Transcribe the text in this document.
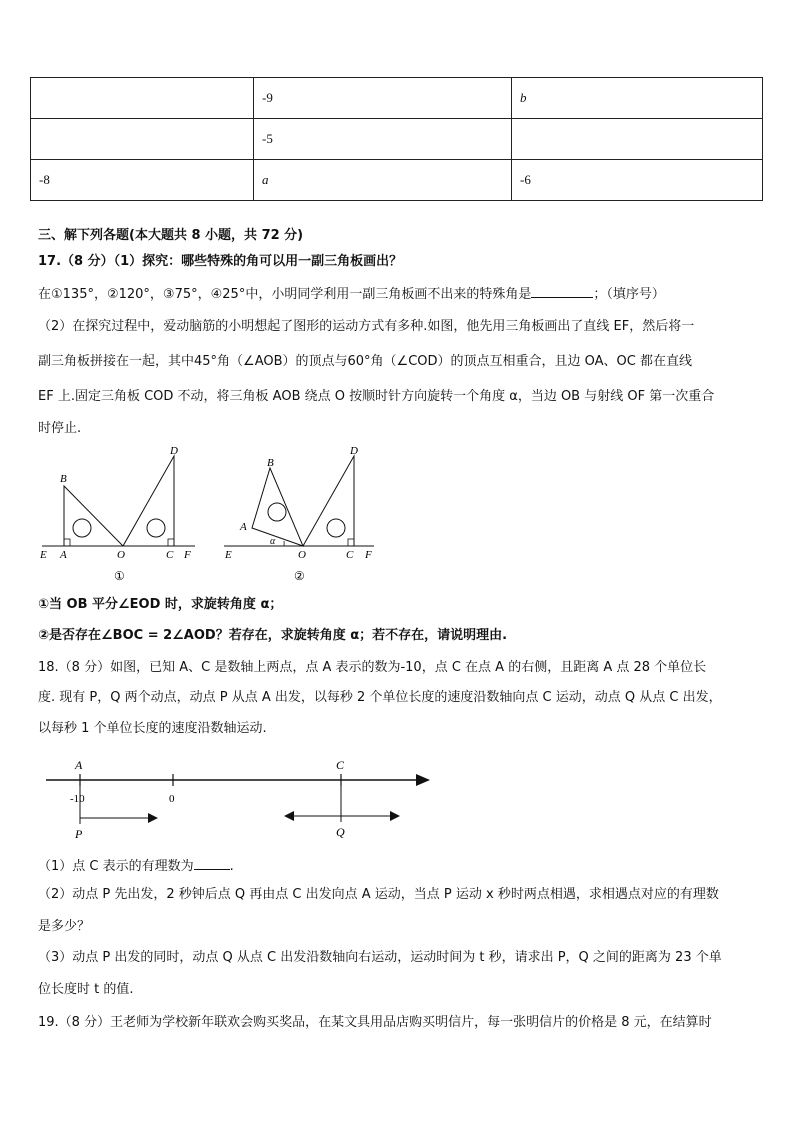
	-9	b
	-5	
-8	a	-6
三、解下列各题(本大题共 8 小题，共 72 分)
17.（8 分）（1）探究：哪些特殊的角可以用一副三角板画出？
在①135°，②120°，③75°，④25°中，小明同学利用一副三角板画不出来的特殊角是	；（填序号）
（2）在探究过程中，爱动脑筋的小明想起了图形的运动方式有多种.如图，他先用三角板画出了直线 EF，然后将一
副三角板拼接在一起，其中45°角（∠AOB）的顶点与60°角（∠COD）的顶点互相重合，且边 OA、OC 都在直线
EF 上.固定三角板 COD 不动，将三角板 AOB 绕点 O 按顺时针方向旋转一个角度 α，当边 OB 与射线 OF 第一次重合
时停止.
B
D
E A	O	C F
①
B
D
A
α
E	O	C F
②
①当 OB 平分∠EOD 时，求旋转角度 α；
②是否存在∠BOC = 2∠AOD？若存在，求旋转角度 α；若不存在，请说明理由.
18.（8 分）如图，已知 A、C 是数轴上两点，点 A 表示的数为-10，点 C 在点 A 的右侧，且距离 A 点 28 个单位长
度. 现有 P，Q 两个动点，动点 P 从点 A 出发，以每秒 2 个单位长度的速度沿数轴向点 C 运动，动点 Q 从点 C 出发，
以每秒 1 个单位长度的速度沿数轴运动.
A	C
-10	0
P	Q
（1）点 C 表示的有理数为	.
（2）动点 P 先出发，2 秒钟后点 Q 再由点 C 出发向点 A 运动，当点 P 运动 x 秒时两点相遇，求相遇点对应的有理数
是多少？
（3）动点 P 出发的同时，动点 Q 从点 C 出发沿数轴向右运动，运动时间为 t 秒，请求出 P，Q 之间的距离为 23 个单
位长度时 t 的值.
19.（8 分）王老师为学校新年联欢会购买奖品，在某文具用品店购买明信片，每一张明信片的价格是 8 元，在结算时
